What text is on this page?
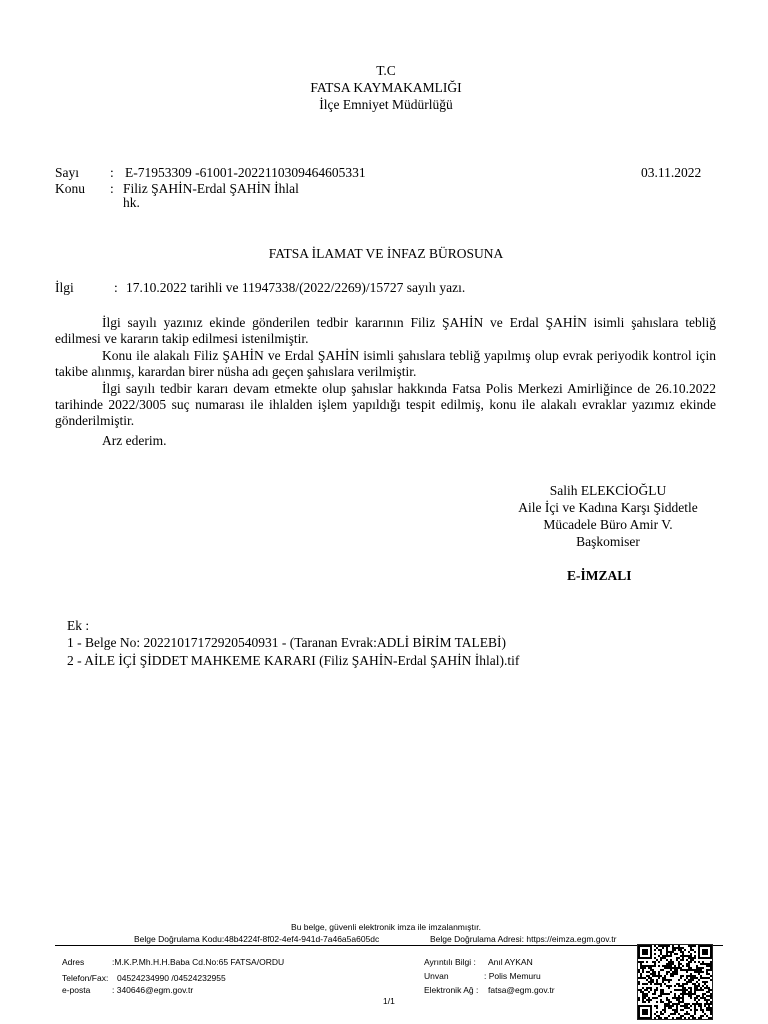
T.C
FATSA KAYMAKAMLIĞI
İlçe Emniyet Müdürlüğü
Sayı : E-71953309 -61001-2022110309464605331	03.11.2022
Konu : Filiz ŞAHİN-Erdal ŞAHİN İhlal
hk.
FATSA İLAMAT VE İNFAZ BÜROSUNA
İlgi	: 17.10.2022 tarihli ve 11947338/(2022/2269)/15727 sayılı yazı.
İlgi sayılı yazınız ekinde gönderilen tedbir kararının Filiz ŞAHİN ve Erdal ŞAHİN isimli şahıslara tebliğ edilmesi ve kararın takip edilmesi istenilmiştir.
Konu ile alakalı Filiz ŞAHİN ve Erdal ŞAHİN isimli şahıslara tebliğ yapılmış olup evrak periyodik kontrol için takibe alınmış, karardan birer nüsha adı geçen şahıslara verilmiştir.
İlgi sayılı tedbir kararı devam etmekte olup şahıslar hakkında Fatsa Polis Merkezi Amirliğince de 26.10.2022 tarihinde 2022/3005 suç numarası ile ihlalden işlem yapıldığı tespit edilmiş, konu ile alakalı evraklar yazımız ekinde gönderilmiştir.
Arz ederim.
Salih ELEKCİOĞLU
Aile İçi ve Kadına Karşı Şiddetle
Mücadele Büro Amir V.
Başkomiser
E-İMZALI
Ek :
1 - Belge No: 20221017172920540931 - (Taranan Evrak:ADLİ BİRİM TALEBİ)
2 - AİLE İÇİ ŞİDDET MAHKEME KARARI (Filiz ŞAHİN-Erdal ŞAHİN İhlal).tif
Bu belge, güvenli elektronik imza ile imzalanmıştır.
Belge Doğrulama Kodu:48b4224f-8f02-4ef4-941d-7a46a5a605dc	Belge Doğrulama Adresi: https://eimza.egm.gov.tr
Adres	:M.K.P.Mh.H.H.Baba Cd.No:65 FATSA/ORDU
Telefon/Fax: 04524234990 /04524232955
e-posta	: 340646@egm.gov.tr
Ayrıntılı Bilgi : Anıl AYKAN
Unvan	: Polis Memuru
Elektronik Ağ : fatsa@egm.gov.tr
1/1
